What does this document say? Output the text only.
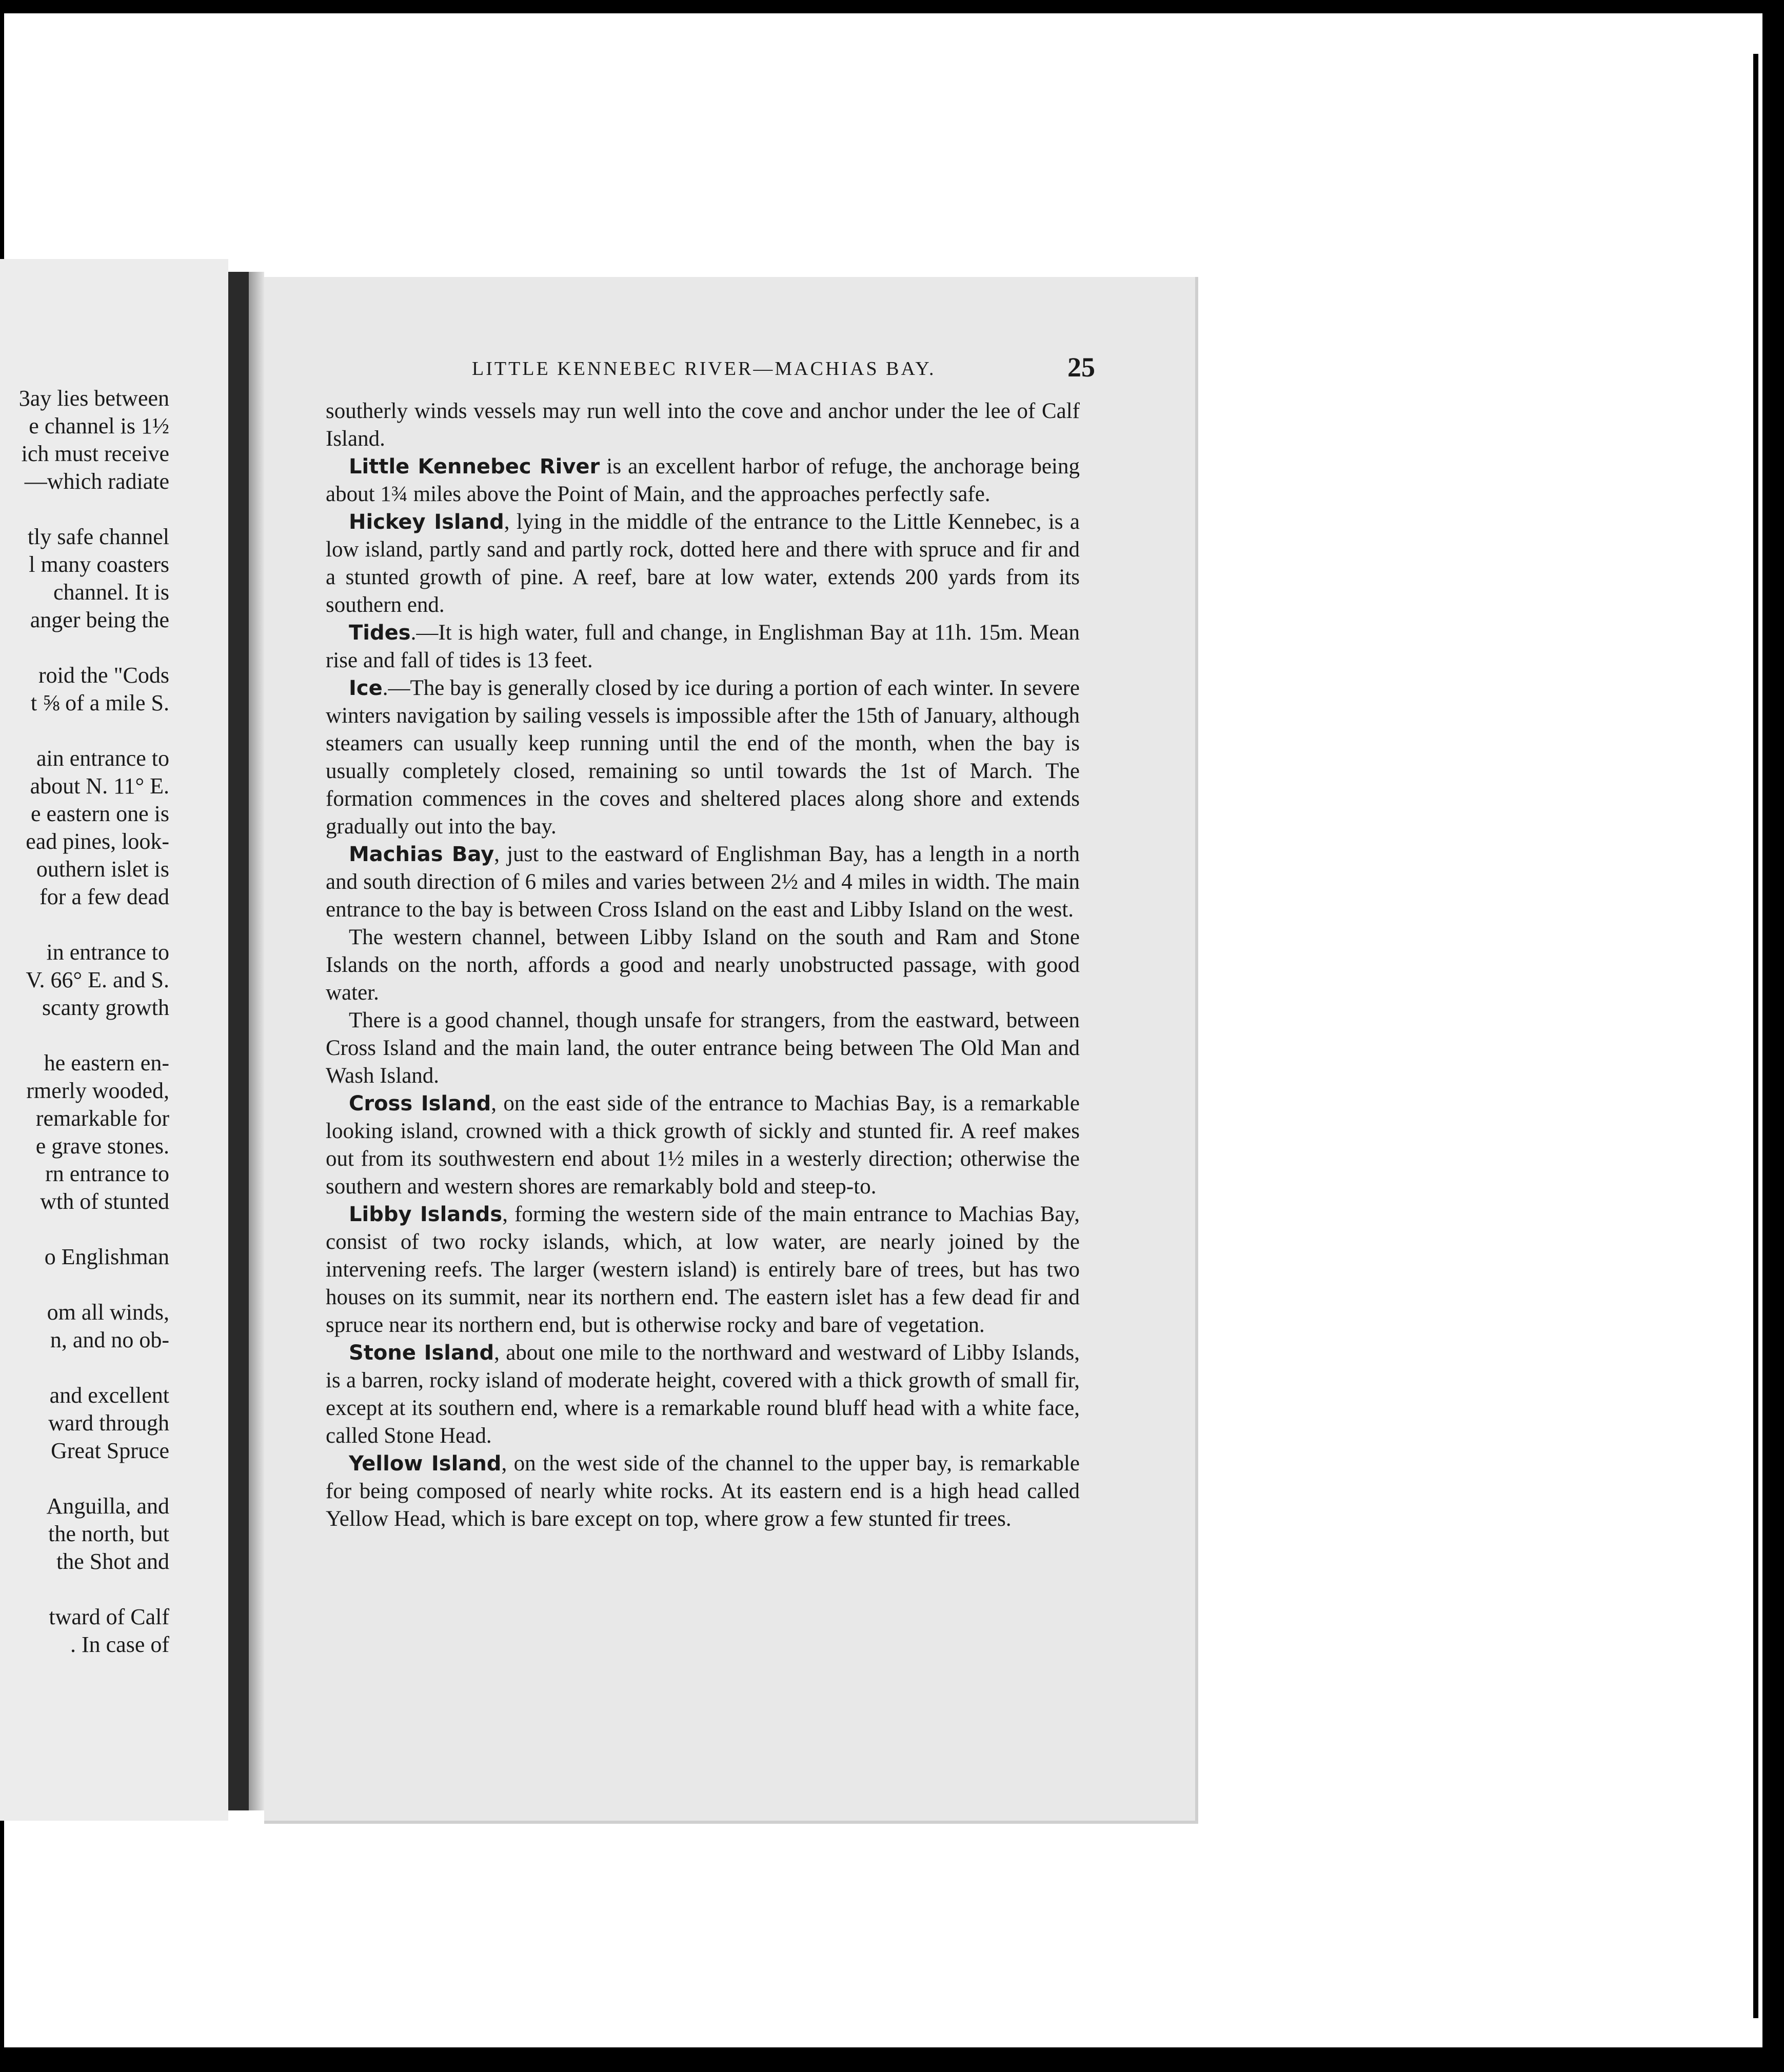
3ay lies between

e channel is 1½

ich must receive

—which radiate

tly safe channel

l many coasters

channel. It is

anger being the

roid the "Cods

t ⅝ of a mile S.

ain entrance to

about N. 11° E.

e eastern one is

ead pines, look-

outhern islet is

for a few dead

in entrance to

V. 66° E. and S.

scanty growth

he eastern en-

rmerly wooded,

remarkable for

e grave stones.

rn entrance to

wth of stunted

o Englishman

om all winds,

n, and no ob-

and excellent

ward through

Great Spruce

Anguilla, and

the north, but

the Shot and

tward of Calf

. In case of

LITTLE KENNEBEC RIVER—MACHIAS BAY.	25

southerly winds vessels may run well into the cove and anchor under the lee of Calf Island.

Little Kennebec River is an excellent harbor of refuge, the anchorage being about 1¾ miles above the Point of Main, and the approaches perfectly safe.

Hickey Island, lying in the middle of the entrance to the Little Kennebec, is a low island, partly sand and partly rock, dotted here and there with spruce and fir and a stunted growth of pine. A reef, bare at low water, extends 200 yards from its southern end.

Tides.—It is high water, full and change, in Englishman Bay at 11h. 15m. Mean rise and fall of tides is 13 feet.

Ice.—The bay is generally closed by ice during a portion of each winter. In severe winters navigation by sailing vessels is impossible after the 15th of January, although steamers can usually keep running until the end of the month, when the bay is usually completely closed, remaining so until towards the 1st of March. The formation commences in the coves and sheltered places along shore and extends gradually out into the bay.

Machias Bay, just to the eastward of Englishman Bay, has a length in a north and south direction of 6 miles and varies between 2½ and 4 miles in width. The main entrance to the bay is between Cross Island on the east and Libby Island on the west.

The western channel, between Libby Island on the south and Ram and Stone Islands on the north, affords a good and nearly unobstructed passage, with good water.

There is a good channel, though unsafe for strangers, from the eastward, between Cross Island and the main land, the outer entrance being between The Old Man and Wash Island.

Cross Island, on the east side of the entrance to Machias Bay, is a remarkable looking island, crowned with a thick growth of sickly and stunted fir. A reef makes out from its southwestern end about 1½ miles in a westerly direction; otherwise the southern and western shores are remarkably bold and steep-to.

Libby Islands, forming the western side of the main entrance to Machias Bay, consist of two rocky islands, which, at low water, are nearly joined by the intervening reefs. The larger (western island) is entirely bare of trees, but has two houses on its summit, near its northern end. The eastern islet has a few dead fir and spruce near its northern end, but is otherwise rocky and bare of vegetation.

Stone Island, about one mile to the northward and westward of Libby Islands, is a barren, rocky island of moderate height, covered with a thick growth of small fir, except at its southern end, where is a remarkable round bluff head with a white face, called Stone Head.

Yellow Island, on the west side of the channel to the upper bay, is remarkable for being composed of nearly white rocks. At its eastern end is a high head called Yellow Head, which is bare except on top, where grow a few stunted fir trees.
